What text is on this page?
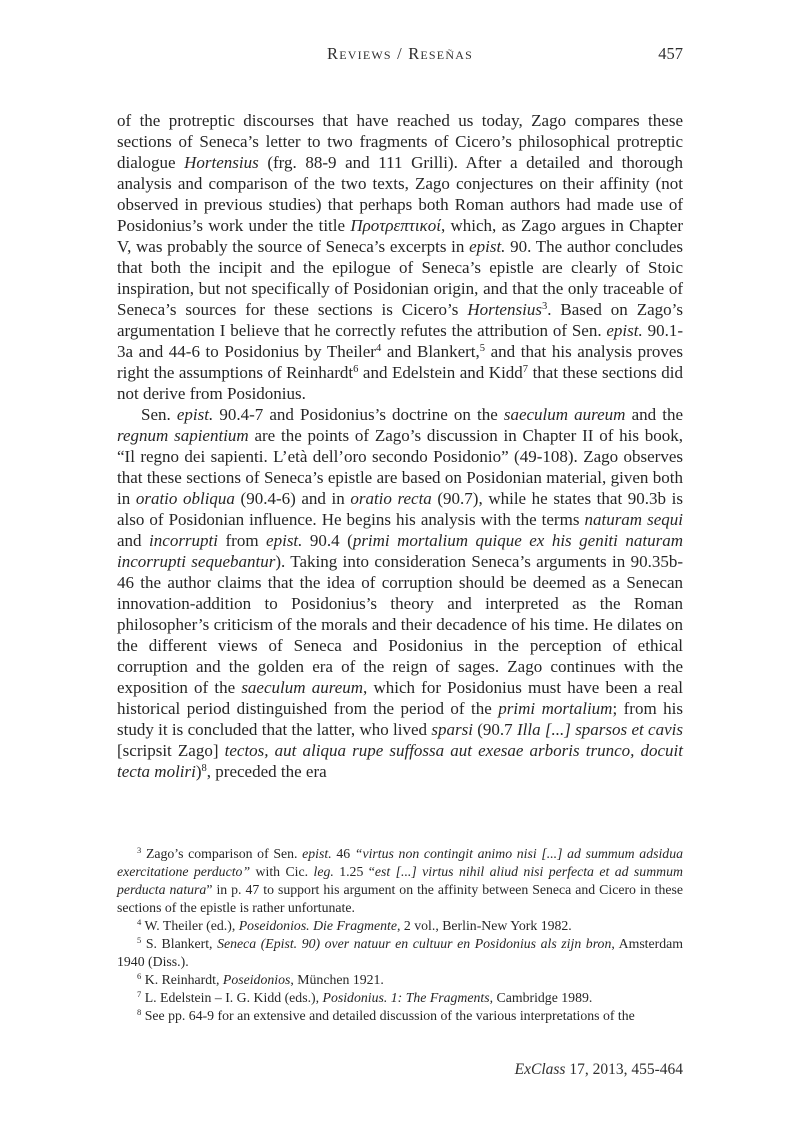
Reviews / Reseñas	457

of the protreptic discourses that have reached us today, Zago compares these sections of Seneca’s letter to two fragments of Cicero’s philosophical protreptic dialogue Hortensius (frg. 88-9 and 111 Grilli). After a detailed and thorough analysis and comparison of the two texts, Zago conjectures on their affinity (not observed in previous studies) that perhaps both Roman authors had made use of Posidonius’s work under the title Προτρεπτικοί, which, as Zago argues in Chapter V, was probably the source of Seneca’s excerpts in epist. 90. The author concludes that both the incipit and the epilogue of Seneca’s epistle are clearly of Stoic inspiration, but not specifically of Posidonian origin, and that the only traceable of Seneca’s sources for these sections is Cicero’s Hortensius$^3$. Based on Zago’s argumentation I believe that he correctly refutes the attribution of Sen. epist. 90.1-3a and 44-6 to Posidonius by Theiler$^4$ and Blankert,$^5$ and that his analysis proves right the assumptions of Reinhardt$^6$ and Edelstein and Kidd$^7$ that these sections did not derive from Posidonius.

Sen. epist. 90.4-7 and Posidonius’s doctrine on the saeculum aureum and the regnum sapientium are the points of Zago’s discussion in Chapter II of his book, “Il regno dei sapienti. L’età dell’oro secondo Posidonio” (49-108). Zago observes that these sections of Seneca’s epistle are based on Posidonian material, given both in oratio obliqua (90.4-6) and in oratio recta (90.7), while he states that 90.3b is also of Posidonian influence. He begins his analysis with the terms naturam sequi and incorrupti from epist. 90.4 (primi mortalium quique ex his geniti naturam incorrupti sequebantur). Taking into consideration Seneca’s arguments in 90.35b-46 the author claims that the idea of corruption should be deemed as a Senecan innovation-addition to Posidonius’s theory and interpreted as the Roman philosopher’s criticism of the morals and their decadence of his time. He dilates on the different views of Seneca and Posidonius in the perception of ethical corruption and the golden era of the reign of sages. Zago continues with the exposition of the saeculum aureum, which for Posidonius must have been a real historical period distinguished from the period of the primi mortalium; from his study it is concluded that the latter, who lived sparsi (90.7 Illa [...] sparsos et cavis [scripsit Zago] tectos, aut aliqua rupe suffossa aut exesae arboris trunco, docuit tecta moliri)$^8$, preceded the era

$^3$ Zago’s comparison of Sen. epist. 46 “virtus non contingit animo nisi [...] ad summum adsidua exercitatione perducto” with Cic. leg. 1.25 “est [...] virtus nihil aliud nisi perfecta et ad summum perducta natura” in p. 47 to support his argument on the affinity between Seneca and Cicero in these sections of the epistle is rather unfortunate.

$^4$ W. Theiler (ed.), Poseidonios. Die Fragmente, 2 vol., Berlin-New York 1982.

$^5$ S. Blankert, Seneca (Epist. 90) over natuur en cultuur en Posidonius als zijn bron, Amsterdam 1940 (Diss.).

$^6$ K. Reinhardt, Poseidonios, München 1921.

$^7$ L. Edelstein – I. G. Kidd (eds.), Posidonius. 1: The Fragments, Cambridge 1989.

$^8$ See pp. 64-9 for an extensive and detailed discussion of the various interpretations of the

ExClass 17, 2013, 455-464
